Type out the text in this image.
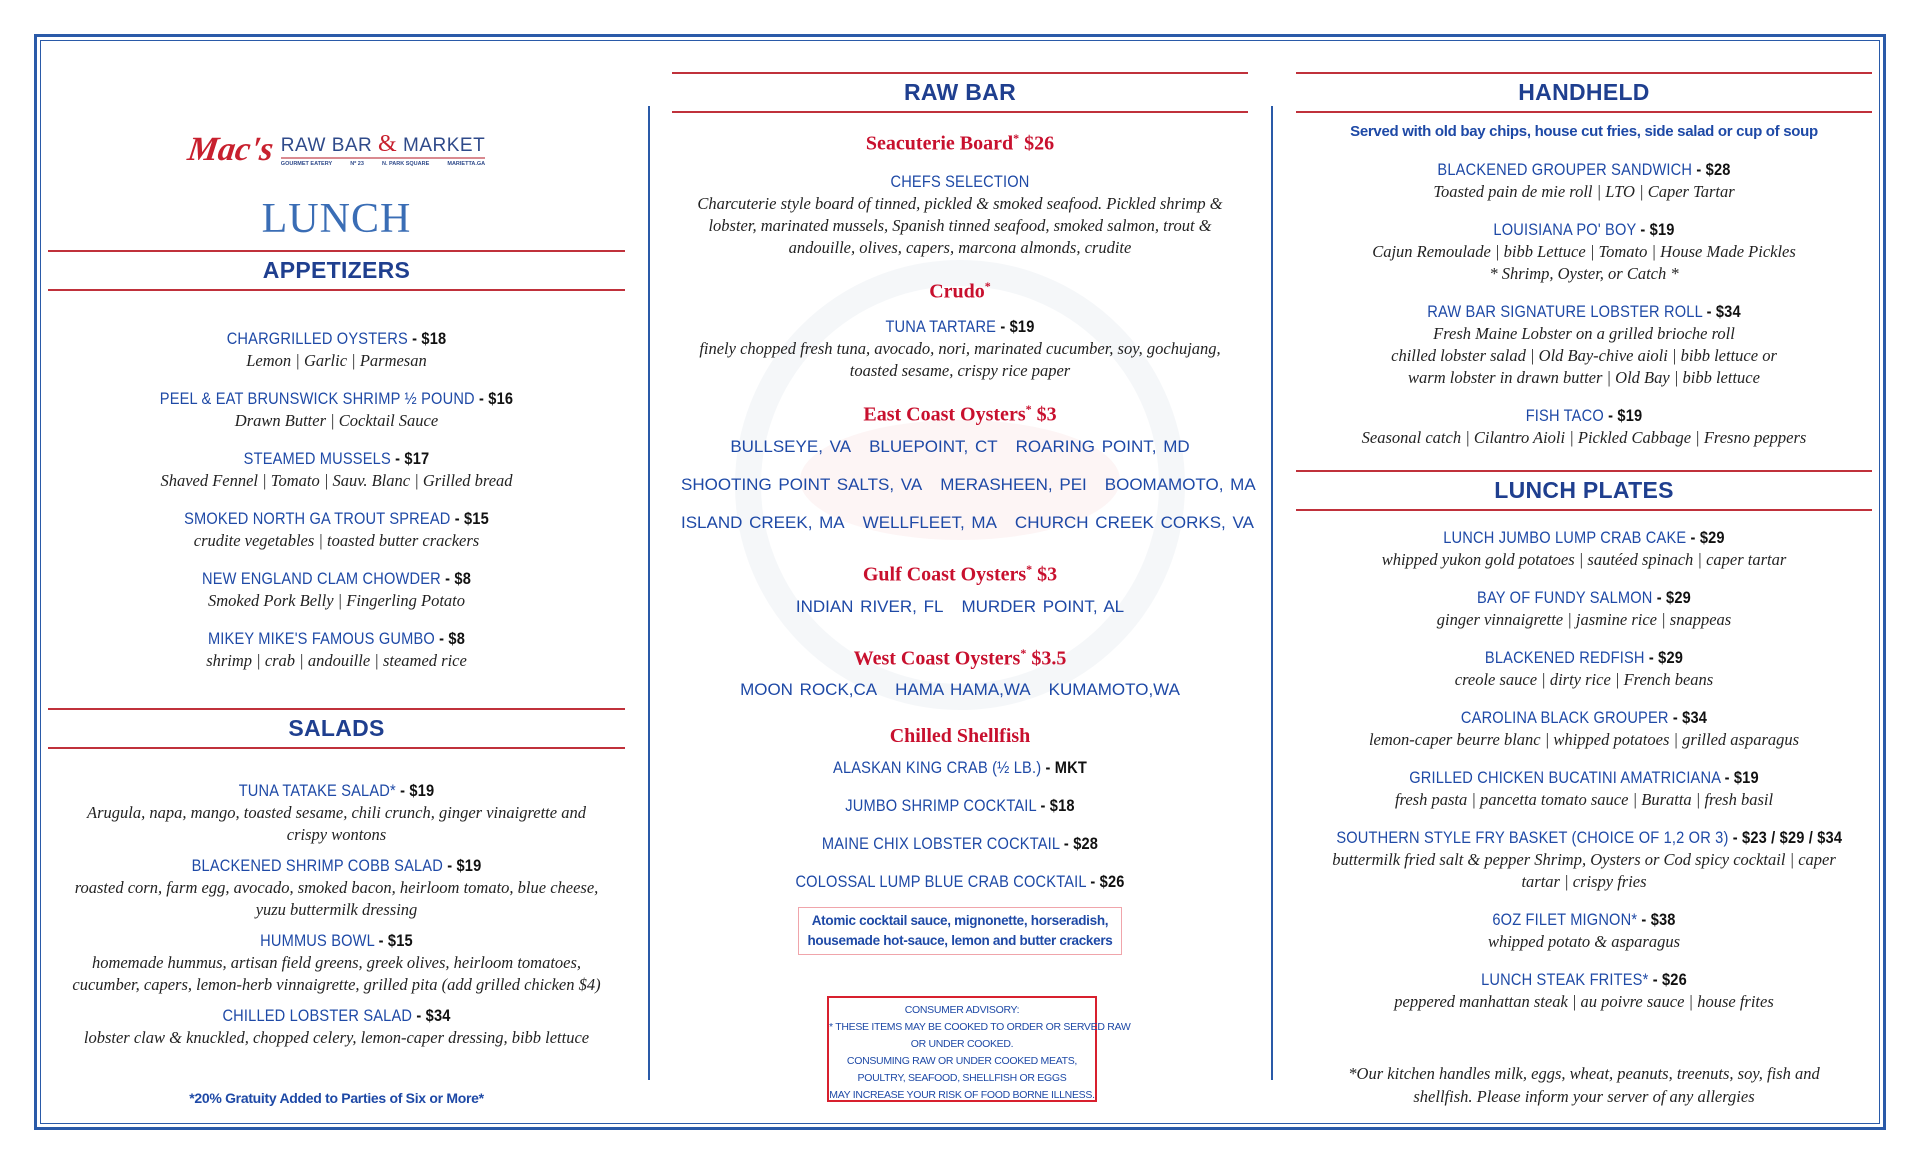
Mac's RAW BAR & MARKET
GOURMET EATERY	Nº 23	N. PARK SQUARE	MARIETTA.GA
LUNCH
APPETIZERS
CHARGRILLED OYSTERS - $18
Lemon | Garlic | Parmesan
PEEL & EAT BRUNSWICK SHRIMP ½ POUND - $16
Drawn Butter | Cocktail Sauce
STEAMED MUSSELS - $17
Shaved Fennel | Tomato | Sauv. Blanc | Grilled bread
SMOKED NORTH GA TROUT SPREAD - $15
crudite vegetables | toasted butter crackers
NEW ENGLAND CLAM CHOWDER - $8
Smoked Pork Belly | Fingerling Potato
MIKEY MIKE'S FAMOUS GUMBO - $8
shrimp | crab | andouille | steamed rice
SALADS
TUNA TATAKE SALAD* - $19
Arugula, napa, mango, toasted sesame, chili crunch, ginger vinaigrette and
crispy wontons
BLACKENED SHRIMP COBB SALAD - $19
roasted corn, farm egg, avocado, smoked bacon, heirloom tomato, blue cheese,
yuzu buttermilk dressing
HUMMUS BOWL - $15
homemade hummus, artisan field greens, greek olives, heirloom tomatoes,
cucumber, capers, lemon-herb vinnaigrette, grilled pita (add grilled chicken $4)
CHILLED LOBSTER SALAD - $34
lobster claw & knuckled, chopped celery, lemon-caper dressing, bibb lettuce
RAW BAR
Seacuterie Board* $26
CHEFS SELECTION
Charcuterie style board of tinned, pickled & smoked seafood. Pickled shrimp &
lobster, marinated mussels, Spanish tinned seafood, smoked salmon, trout &
andouille, olives, capers, marcona almonds, crudite
Crudo*
TUNA TARTARE - $19
finely chopped fresh tuna, avocado, nori, marinated cucumber, soy, gochujang,
toasted sesame, crispy rice paper
East Coast Oysters* $3
BULLSEYE, VA BLUEPOINT, CT ROARING POINT, MD
SHOOTING POINT SALTS, VA MERASHEEN, PEI BOOMAMOTO, MA
ISLAND CREEK, MA WELLFLEET, MA CHURCH CREEK CORKS, VA
Gulf Coast Oysters* $3
INDIAN RIVER, FL MURDER POINT, AL
West Coast Oysters* $3.5
MOON ROCK,CA HAMA HAMA,WA KUMAMOTO,WA
Chilled Shellfish
ALASKAN KING CRAB (½ LB.) - MKT
JUMBO SHRIMP COCKTAIL - $18
MAINE CHIX LOBSTER COCKTAIL - $28
COLOSSAL LUMP BLUE CRAB COCKTAIL - $26
Atomic cocktail sauce, mignonette, horseradish,
housemade hot-sauce, lemon and butter crackers
CONSUMER ADVISORY:
* THESE ITEMS MAY BE COOKED TO ORDER OR SERVED RAW
OR UNDER COOKED.
CONSUMING RAW OR UNDER COOKED MEATS,
POULTRY, SEAFOOD, SHELLFISH OR EGGS
MAY INCREASE YOUR RISK OF FOOD BORNE ILLNESS.
HANDHELD
Served with old bay chips, house cut fries, side salad or cup of soup
BLACKENED GROUPER SANDWICH - $28
Toasted pain de mie roll | LTO | Caper Tartar
LOUISIANA PO' BOY - $19
Cajun Remoulade | bibb Lettuce | Tomato | House Made Pickles
* Shrimp, Oyster, or Catch *
RAW BAR SIGNATURE LOBSTER ROLL - $34
Fresh Maine Lobster on a grilled brioche roll
chilled lobster salad | Old Bay-chive aioli | bibb lettuce or
warm lobster in drawn butter | Old Bay | bibb lettuce
FISH TACO - $19
Seasonal catch | Cilantro Aioli | Pickled Cabbage | Fresno peppers
LUNCH PLATES
LUNCH JUMBO LUMP CRAB CAKE - $29
whipped yukon gold potatoes | sautéed spinach | caper tartar
BAY OF FUNDY SALMON - $29
ginger vinnaigrette | jasmine rice | snappeas
BLACKENED REDFISH - $29
creole sauce | dirty rice | French beans
CAROLINA BLACK GROUPER - $34
lemon-caper beurre blanc | whipped potatoes | grilled asparagus
GRILLED CHICKEN BUCATINI AMATRICIANA - $19
fresh pasta | pancetta tomato sauce | Buratta | fresh basil
SOUTHERN STYLE FRY BASKET (CHOICE OF 1,2 OR 3) - $23 / $29 / $34
buttermilk fried salt & pepper Shrimp, Oysters or Cod spicy cocktail | caper
tartar | crispy fries
6OZ FILET MIGNON* - $38
whipped potato & asparagus
LUNCH STEAK FRITES* - $26
peppered manhattan steak | au poivre sauce | house frites
*20% Gratuity Added to Parties of Six or More*
*Our kitchen handles milk, eggs, wheat, peanuts, treenuts, soy, fish and
shellfish. Please inform your server of any allergies
